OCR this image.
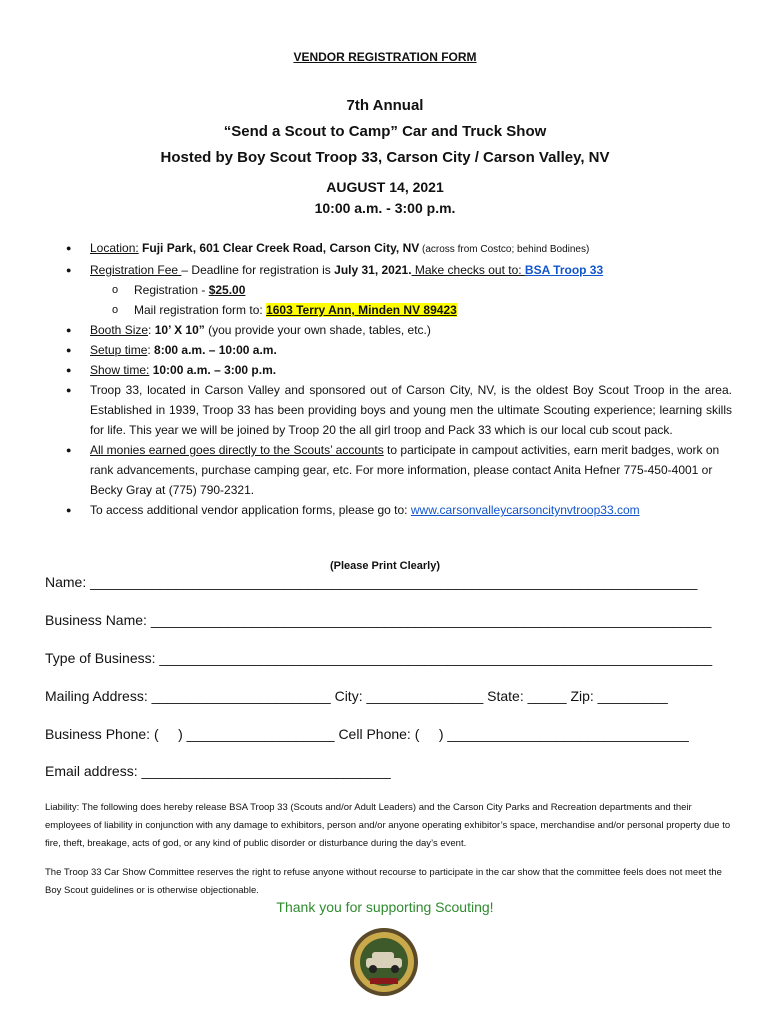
VENDOR REGISTRATION FORM
7th Annual
“Send a Scout to Camp” Car and Truck Show
Hosted by Boy Scout Troop 33, Carson City / Carson Valley, NV
AUGUST 14, 2021
10:00 a.m. - 3:00 p.m.
● Location: Fuji Park, 601 Clear Creek Road, Carson City, NV (across from Costco; behind Bodines)
● Registration Fee – Deadline for registration is July 31, 2021. Make checks out to: BSA Troop 33
o Registration - $25.00
o Mail registration form to: 1603 Terry Ann, Minden NV 89423
● Booth Size: 10’ X 10” (you provide your own shade, tables, etc.)
● Setup time: 8:00 a.m. – 10:00 a.m.
● Show time: 10:00 a.m. – 3:00 p.m.
● Troop 33, located in Carson Valley and sponsored out of Carson City, NV, is the oldest Boy Scout Troop in the area. Established in 1939, Troop 33 has been providing boys and young men the ultimate Scouting experience; learning skills for life. This year we will be joined by Troop 20 the all girl troop and Pack 33 which is our local cub scout pack.
● All monies earned goes directly to the Scouts’ accounts to participate in campout activities, earn merit badges, work on rank advancements, purchase camping gear, etc. For more information, please contact Anita Hefner 775-450-4001 or Becky Gray at (775) 790-2321.
● To access additional vendor application forms, please go to: www.carsonvalleycarsoncitynvtroop33.com
(Please Print Clearly)
Name: ______________________________________________________________________________
Business Name: ________________________________________________________________________
Type of Business: _______________________________________________________________________
Mailing Address: _______________________ City: _______________ State: _____ Zip: _________
Business Phone: (     ) ___________________ Cell Phone: (     ) _______________________________
Email address: ________________________________
Liability: The following does hereby release BSA Troop 33 (Scouts and/or Adult Leaders) and the Carson City Parks and Recreation departments and their employees of liability in conjunction with any damage to exhibitors, person and/or anyone operating exhibitor’s space, merchandise and/or personal property due to fire, theft, breakage, acts of god, or any kind of public disorder or disturbance during the day’s event.
The Troop 33 Car Show Committee reserves the right to refuse anyone without recourse to participate in the car show that the committee feels does not meet the Boy Scout guidelines or is otherwise objectionable.
Thank you for supporting Scouting!
